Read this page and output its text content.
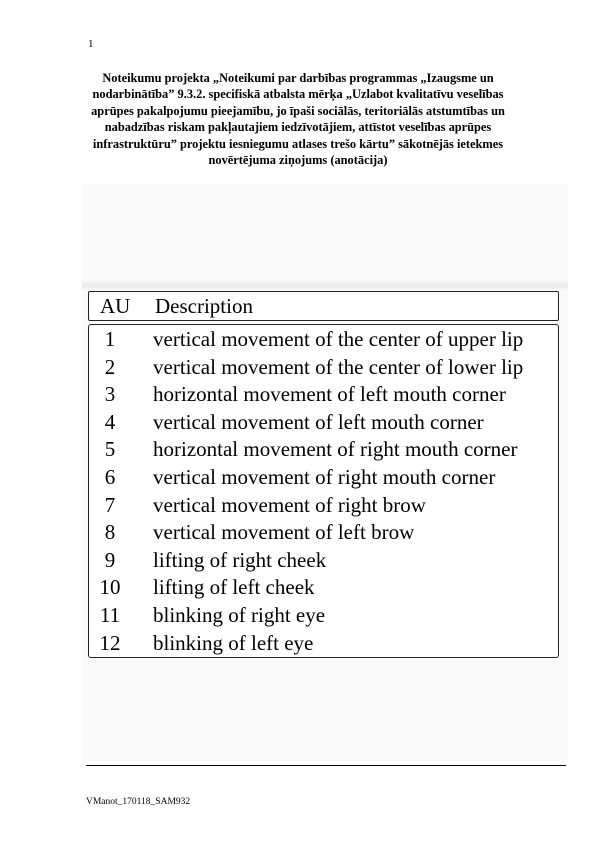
1
Noteikumu projekta „Noteikumi par darbības programmas „Izaugsme un nodarbinātība” 9.3.2. specifiskā atbalsta mērķa „Uzlabot kvalitatīvu veselības aprūpes pakalpojumu pieejamību, jo īpaši sociālās, teritoriālās atstumtības un nabadzības riskam pakļautajiem iedzīvotājiem, attīstot veselības aprūpes infrastruktūru” projektu iesniegumu atlases trešo kārtu” sākotnējās ietekmes novērtējuma ziņojums (anotācija)
AU Description
1	vertical movement of the center of upper lip
2	vertical movement of the center of lower lip
3	horizontal movement of left mouth corner
4	vertical movement of left mouth corner
5	horizontal movement of right mouth corner
6	vertical movement of right mouth corner
7	vertical movement of right brow
8	vertical movement of left brow
9	lifting of right cheek
10	lifting of left cheek
11	blinking of right eye
12	blinking of left eye
VManot_170118_SAM932
